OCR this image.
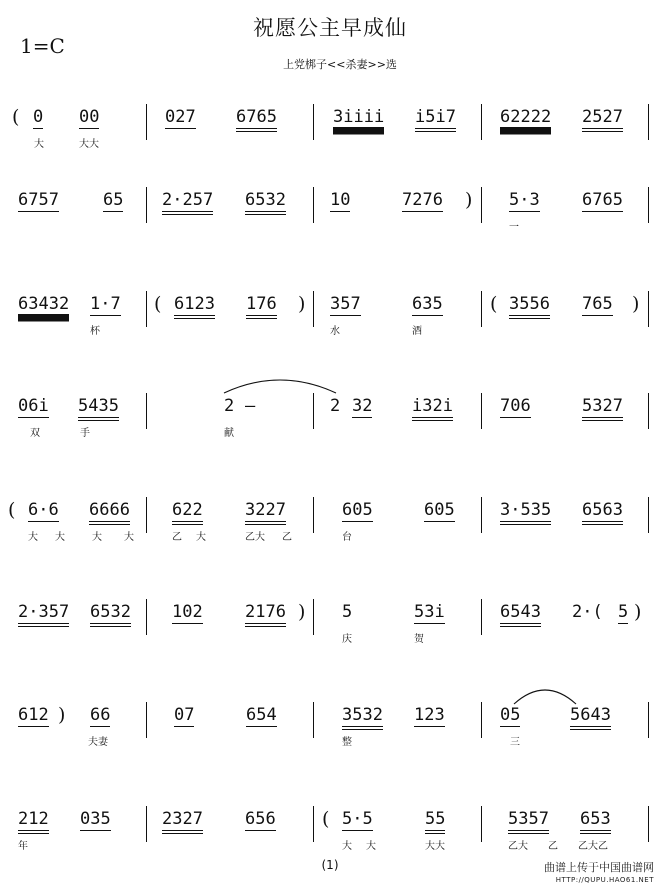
祝愿公主早成仙
1=C
上党梆子<<杀妻>>选
( 0 00
大	大大
027 6765	3iiii i5i7	62222 2527
6757	65 2·257 6532	10	7276 ) 5·3
一
6765
63432 1·7
杯
( 6123 176 ) 357
水
635
酒
( 3556 765 )
06i
双
5435
手
2
献
—	2 32 i32i	706	5327
( 6·6
大 大
6666
大 大
622
乙 大
3227
乙大 乙
605
台
605	3·535 6563
2·357 6532 102 2176 ) 5
庆
53i
贺
6543 2·( 5 )
612 ) 66
夫妻
07	654	3532
整
123	05
三
5643
212
年
035	2327 656 ( 5·5
大 大
55
大大
5357
乙大 乙
653
乙大乙
(1)	曲谱上传于中国曲谱网
HTTP://QUPU.HAO61.NET
